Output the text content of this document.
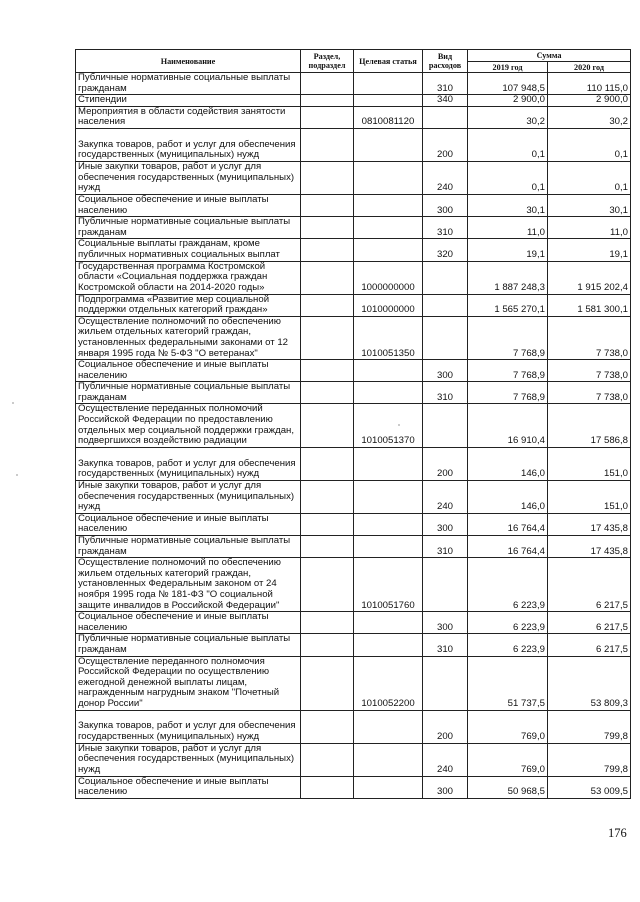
Наименование	Раздел, подраздел	Целевая статья	Вид расходов	Сумма	
				2019 год	2020 год
Публичные нормативные социальные выплаты гражданам			310	107 948,5	110 115,0
Стипендии			340	2 900,0	2 900,0
Мероприятия в области содействия занятости населения		0810081120		30,2	30,2
Закупка товаров, работ и услуг для обеспечения государственных (муниципальных) нужд			200	0,1	0,1
Иные закупки товаров, работ и услуг для обеспечения государственных (муниципальных) нужд			240	0,1	0,1
Социальное обеспечение и иные выплаты населению			300	30,1	30,1
Публичные нормативные социальные выплаты гражданам			310	11,0	11,0
Социальные выплаты гражданам, кроме публичных нормативных социальных выплат			320	19,1	19,1
Государственная программа Костромской области «Социальная поддержка граждан Костромской области на 2014-2020 годы»		1000000000		1 887 248,3	1 915 202,4
Подпрограмма «Развитие мер социальной поддержки отдельных категорий граждан»		1010000000		1 565 270,1	1 581 300,1
Осуществление полномочий по обеспечению жильем отдельных категорий граждан, установленных федеральными законами от 12 января 1995 года № 5-ФЗ "О ветеранах"		1010051350		7 768,9	7 738,0
Социальное обеспечение и иные выплаты населению			300	7 768,9	7 738,0
Публичные нормативные социальные выплаты гражданам			310	7 768,9	7 738,0
Осуществление переданных полномочий Российской Федерации по предоставлению отдельных мер социальной поддержки граждан, подвергшихся воздействию радиации		1010051370		16 910,4	17 586,8
Закупка товаров, работ и услуг для обеспечения государственных (муниципальных) нужд			200	146,0	151,0
Иные закупки товаров, работ и услуг для обеспечения государственных (муниципальных) нужд			240	146,0	151,0
Социальное обеспечение и иные выплаты населению			300	16 764,4	17 435,8
Публичные нормативные социальные выплаты гражданам			310	16 764,4	17 435,8
Осуществление полномочий по обеспечению жильем отдельных категорий граждан, установленных Федеральным законом от 24 ноября 1995 года № 181-ФЗ "О социальной защите инвалидов в Российской Федерации"		1010051760		6 223,9	6 217,5
Социальное обеспечение и иные выплаты населению			300	6 223,9	6 217,5
Публичные нормативные социальные выплаты гражданам			310	6 223,9	6 217,5
Осуществление переданного полномочия Российской Федерации по осуществлению ежегодной денежной выплаты лицам, награжденным нагрудным знаком "Почетный донор России"		1010052200		51 737,5	53 809,3
Закупка товаров, работ и услуг для обеспечения государственных (муниципальных) нужд			200	769,0	799,8
Иные закупки товаров, работ и услуг для обеспечения государственных (муниципальных) нужд			240	769,0	799,8
Социальное обеспечение и иные выплаты населению			300	50 968,5	53 009,5
176
